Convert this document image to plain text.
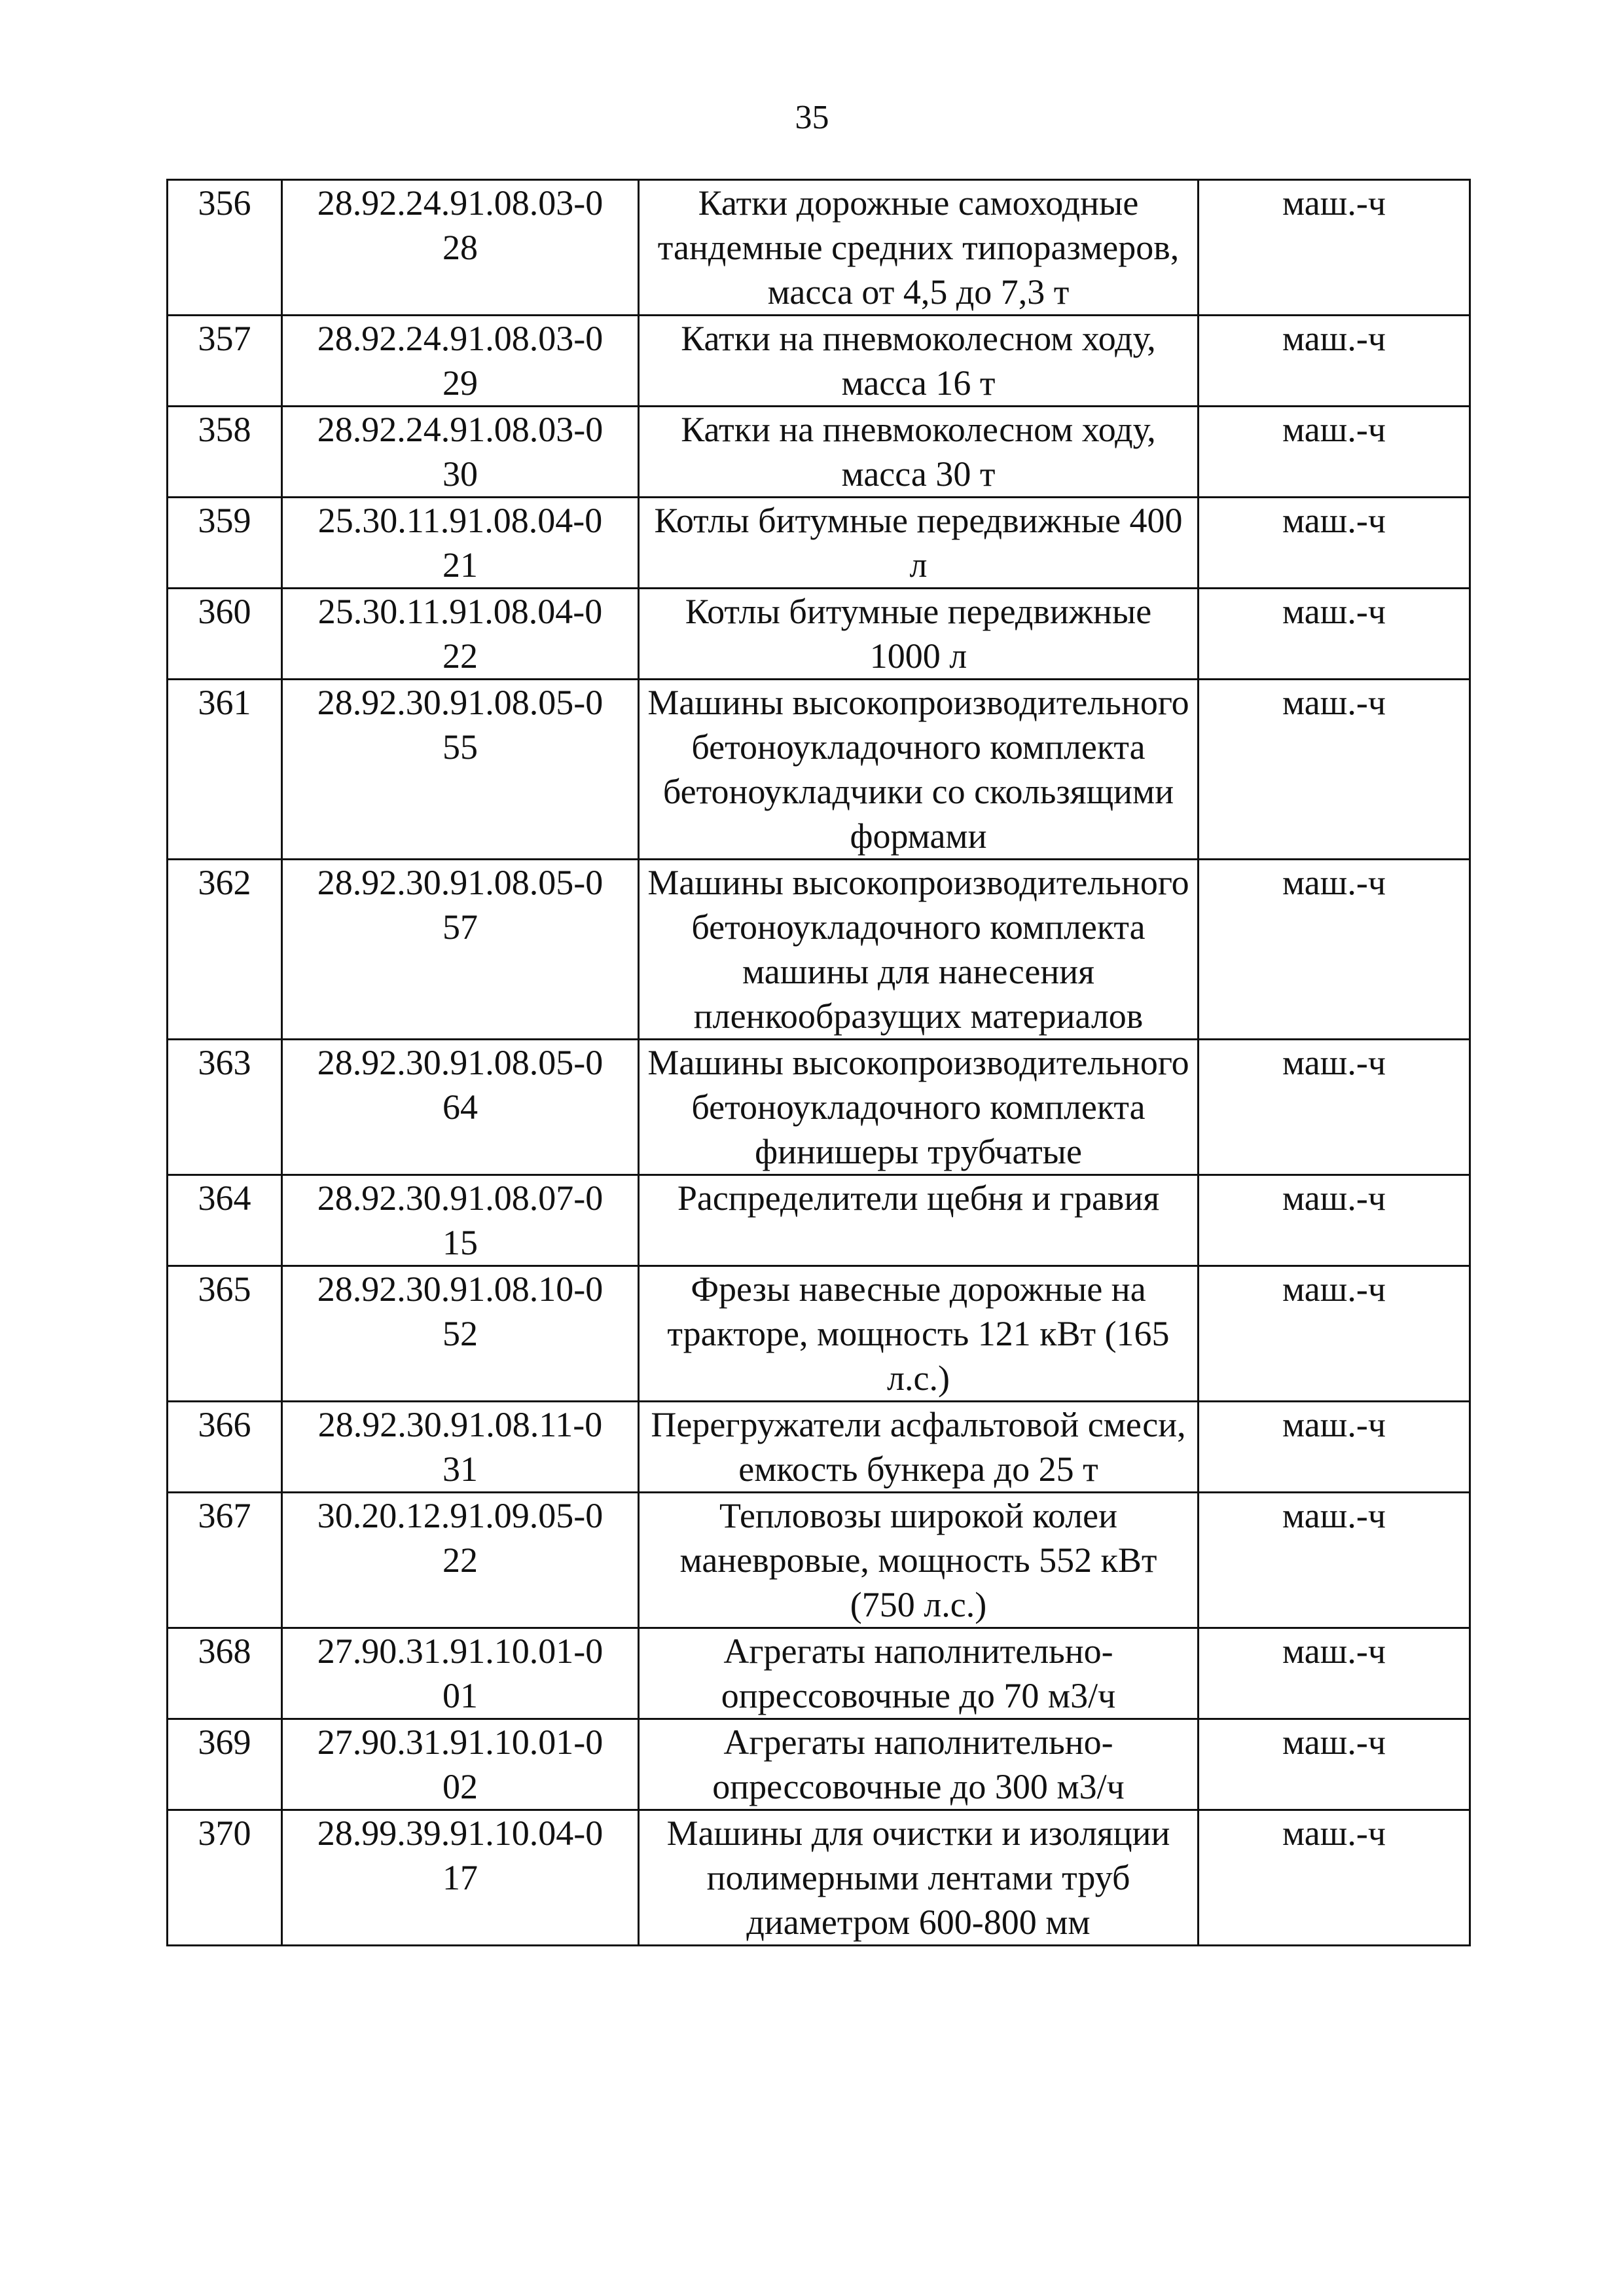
35
356	28.92.24.91.08.03-028	Катки дорожные самоходные тандемные средних типоразмеров, масса от 4,5 до 7,3 т	маш.-ч
357	28.92.24.91.08.03-029	Катки на пневмоколесном ходу, масса 16 т	маш.-ч
358	28.92.24.91.08.03-030	Катки на пневмоколесном ходу, масса 30 т	маш.-ч
359	25.30.11.91.08.04-021	Котлы битумные передвижные 400 л	маш.-ч
360	25.30.11.91.08.04-022	Котлы битумные передвижные 1000 л	маш.-ч
361	28.92.30.91.08.05-055	Машины высокопроизводительного бетоноукладочного комплекта бетоноукладчики со скользящими формами	маш.-ч
362	28.92.30.91.08.05-057	Машины высокопроизводительного бетоноукладочного комплекта машины для нанесения пленкообразущих материалов	маш.-ч
363	28.92.30.91.08.05-064	Машины высокопроизводительного бетоноукладочного комплекта финишеры трубчатые	маш.-ч
364	28.92.30.91.08.07-015	Распределители щебня и гравия	маш.-ч
365	28.92.30.91.08.10-052	Фрезы навесные дорожные на тракторе, мощность 121 кВт (165 л.с.)	маш.-ч
366	28.92.30.91.08.11-031	Перегружатели асфальтовой смеси, емкость бункера до 25 т	маш.-ч
367	30.20.12.91.09.05-022	Тепловозы широкой колеи маневровые, мощность 552 кВт (750 л.с.)	маш.-ч
368	27.90.31.91.10.01-001	Агрегаты наполнительно-опрессовочные до 70 м3/ч	маш.-ч
369	27.90.31.91.10.01-002	Агрегаты наполнительно-опрессовочные до 300 м3/ч	маш.-ч
370	28.99.39.91.10.04-017	Машины для очистки и изоляции полимерными лентами труб диаметром 600-800 мм	маш.-ч
